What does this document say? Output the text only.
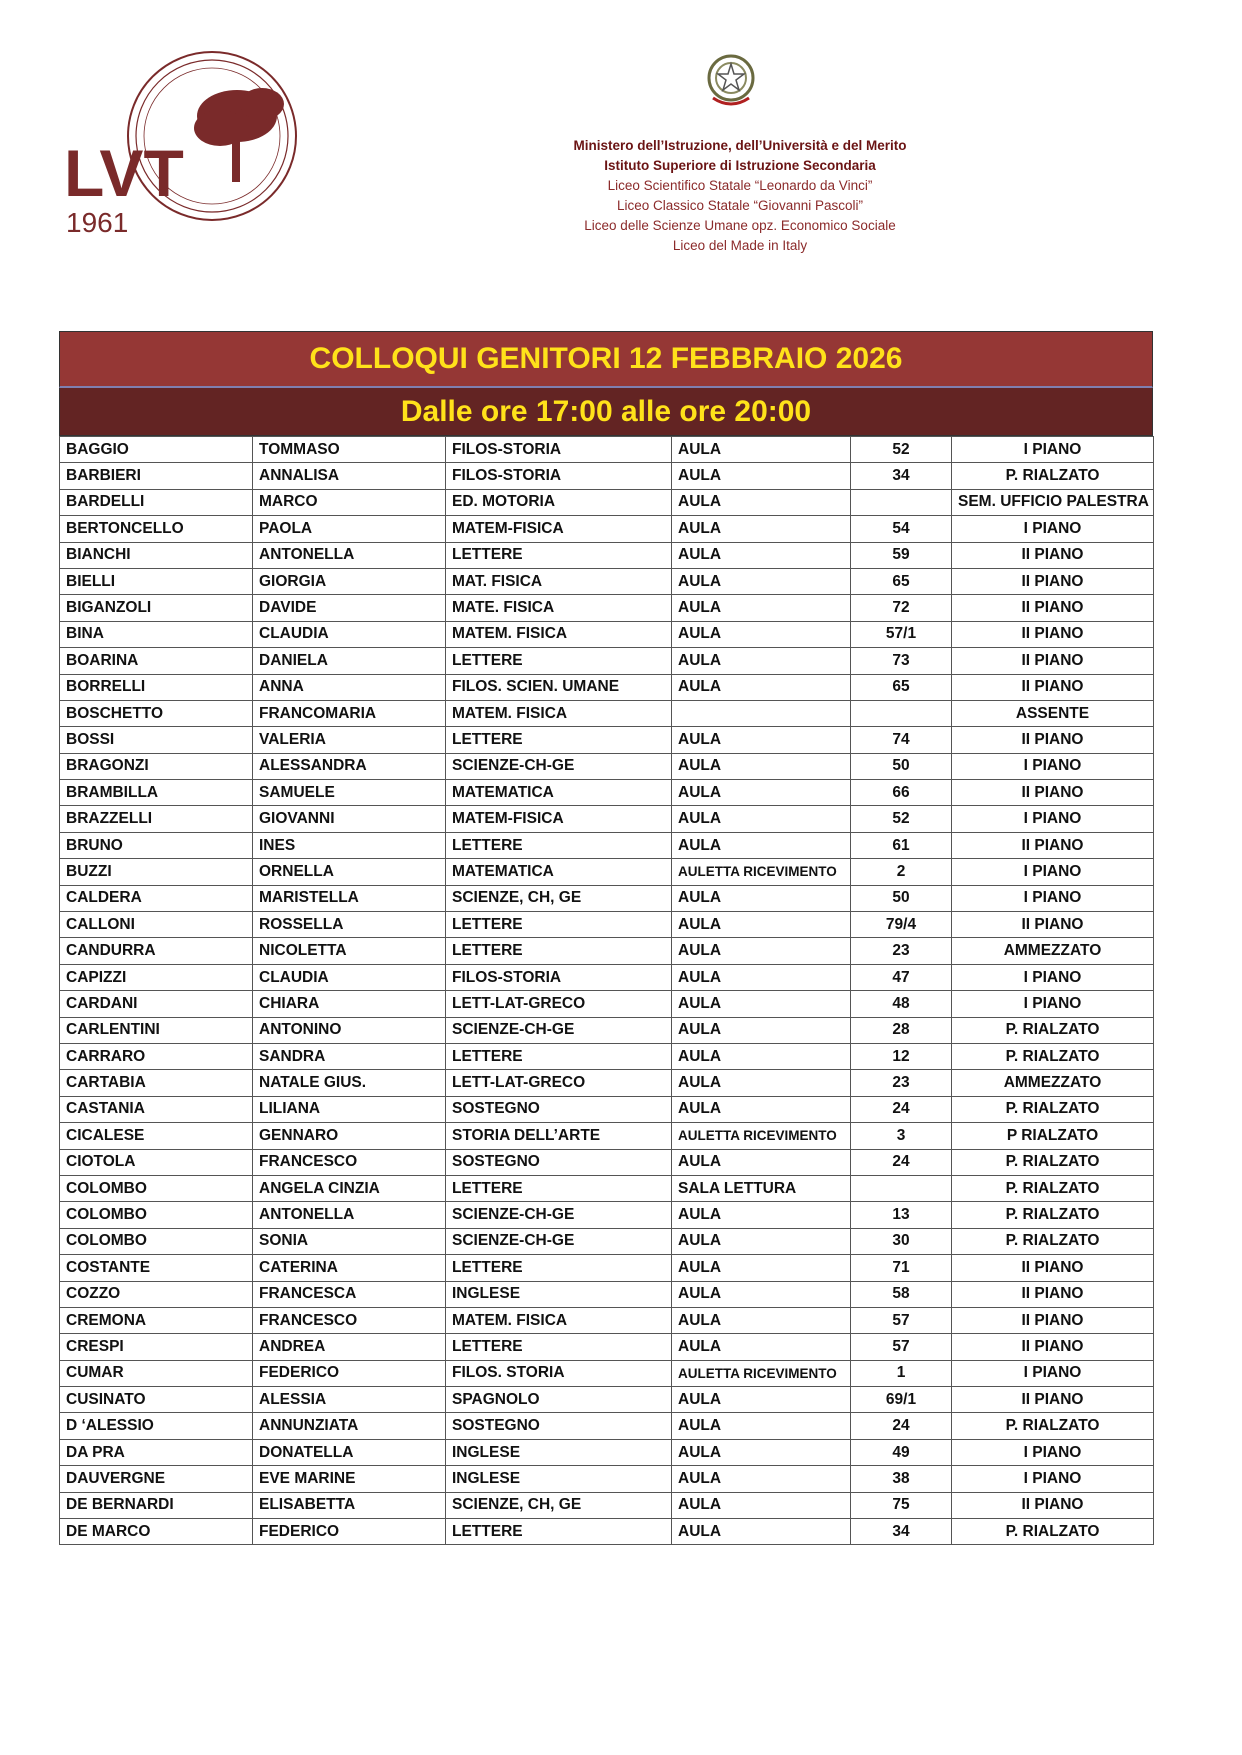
LVT
1961
Ministero dell’Istruzione, dell’Università e del Merito
Istituto Superiore di Istruzione Secondaria
Liceo Scientifico Statale “Leonardo da Vinci”
Liceo Classico Statale “Giovanni Pascoli”
Liceo delle Scienze Umane opz. Economico Sociale
Liceo del Made in Italy
COLLOQUI GENITORI 12 FEBBRAIO 2026
Dalle ore 17:00 alle ore 20:00
BAGGIO	TOMMASO	FILOS-STORIA	AULA	52	I PIANO
BARBIERI	ANNALISA	FILOS-STORIA	AULA	34	P. RIALZATO
BARDELLI	MARCO	ED. MOTORIA	AULA		SEM. UFFICIO PALESTRA
BERTONCELLO	PAOLA	MATEM-FISICA	AULA	54	I PIANO
BIANCHI	ANTONELLA	LETTERE	AULA	59	II PIANO
BIELLI	GIORGIA	MAT. FISICA	AULA	65	II PIANO
BIGANZOLI	DAVIDE	MATE. FISICA	AULA	72	II PIANO
BINA	CLAUDIA	MATEM. FISICA	AULA	57/1	II PIANO
BOARINA	DANIELA	LETTERE	AULA	73	II PIANO
BORRELLI	ANNA	FILOS. SCIEN. UMANE	AULA	65	II PIANO
BOSCHETTO	FRANCOMARIA	MATEM. FISICA			ASSENTE
BOSSI	VALERIA	LETTERE	AULA	74	II PIANO
BRAGONZI	ALESSANDRA	SCIENZE-CH-GE	AULA	50	I PIANO
BRAMBILLA	SAMUELE	MATEMATICA	AULA	66	II PIANO
BRAZZELLI	GIOVANNI	MATEM-FISICA	AULA	52	I PIANO
BRUNO	INES	LETTERE	AULA	61	II PIANO
BUZZI	ORNELLA	MATEMATICA	AULETTA RICEVIMENTO	2	I PIANO
CALDERA	MARISTELLA	SCIENZE, CH, GE	AULA	50	I PIANO
CALLONI	ROSSELLA	LETTERE	AULA	79/4	II PIANO
CANDURRA	NICOLETTA	LETTERE	AULA	23	AMMEZZATO
CAPIZZI	CLAUDIA	FILOS-STORIA	AULA	47	I PIANO
CARDANI	CHIARA	LETT-LAT-GRECO	AULA	48	I PIANO
CARLENTINI	ANTONINO	SCIENZE-CH-GE	AULA	28	P. RIALZATO
CARRARO	SANDRA	LETTERE	AULA	12	P. RIALZATO
CARTABIA	NATALE GIUS.	LETT-LAT-GRECO	AULA	23	AMMEZZATO
CASTANIA	LILIANA	SOSTEGNO	AULA	24	P. RIALZATO
CICALESE	GENNARO	STORIA DELL’ARTE	AULETTA RICEVIMENTO	3	P RIALZATO
CIOTOLA	FRANCESCO	SOSTEGNO	AULA	24	P. RIALZATO
COLOMBO	ANGELA CINZIA	LETTERE	SALA LETTURA		P. RIALZATO
COLOMBO	ANTONELLA	SCIENZE-CH-GE	AULA	13	P. RIALZATO
COLOMBO	SONIA	SCIENZE-CH-GE	AULA	30	P. RIALZATO
COSTANTE	CATERINA	LETTERE	AULA	71	II PIANO
COZZO	FRANCESCA	INGLESE	AULA	58	II PIANO
CREMONA	FRANCESCO	MATEM. FISICA	AULA	57	II PIANO
CRESPI	ANDREA	LETTERE	AULA	57	II PIANO
CUMAR	FEDERICO	FILOS. STORIA	AULETTA RICEVIMENTO	1	I PIANO
CUSINATO	ALESSIA	SPAGNOLO	AULA	69/1	II PIANO
D ‘ALESSIO	ANNUNZIATA	SOSTEGNO	AULA	24	P. RIALZATO
DA PRA	DONATELLA	INGLESE	AULA	49	I PIANO
DAUVERGNE	EVE MARINE	INGLESE	AULA	38	I PIANO
DE BERNARDI	ELISABETTA	SCIENZE, CH, GE	AULA	75	II PIANO
DE MARCO	FEDERICO	LETTERE	AULA	34	P. RIALZATO
